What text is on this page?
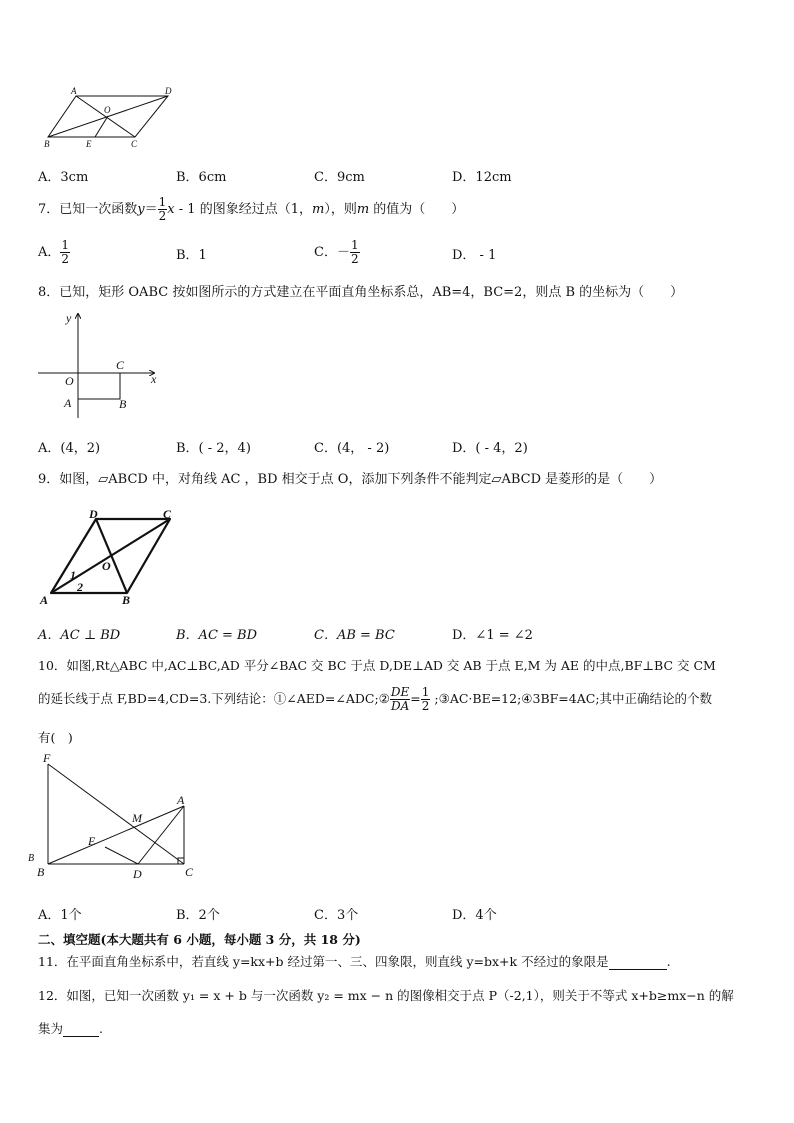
A	D
O
B	E	C
A．3cm	B．6cm	C．9cm	D．12cm
7．已知一次函数$y= \frac{1}{2}$ x - 1 的图象经过点（1，m），则m 的值为（　　）
A． $\frac{1}{2}$	B．1	C．－ $\frac{1}{2}$	D． - 1
8．已知，矩形 OABC 按如图所示的方式建立在平面直角坐标系总，AB=4，BC=2，则点 B 的坐标为（　　）
y
x
O
C
A	B
A．(4，2)	B．( - 2，4)	C．(4， - 2)	D．( - 4，2)
9．如图，▱ABCD 中，对角线 AC ，BD 相交于点 O，添加下列条件不能判定▱ABCD 是菱形的是（　　）
D	C
O
A	B
1
2
A．AC ⊥ BD	B．AC = BD	C．AB = BC	D．∠1 = ∠2
10．如图,Rt△ABC 中,AC⊥BC,AD 平分∠BAC 交 BC 于点 D,DE⊥AD 交 AB 于点 E,M 为 AE 的中点,BF⊥BC 交 CM
的延长线于点 F,BD=4,CD=3.下列结论：①∠AED=∠ADC;② $\frac{DE}{DA} = \frac{1}{2}$ ;③AC·BE=12;④3BF=4AC;其中正确结论的个数
有(　)
F
A
M
E
B	D	C
B
A．1个	B．2个	C．3个	D．4个
二、填空题(本大题共有 6 小题，每小题 3 分，共 18 分)
11．在平面直角坐标系中，若直线 y=kx+b 经过第一、三、四象限，则直线 y=bx+k 不经过的象限是	.
12．如图，已知一次函数 y₁ = x + b 与一次函数 y₂ = mx − n 的图像相交于点 P（-2,1），则关于不等式 x+b≥mx−n 的解
集为	.
